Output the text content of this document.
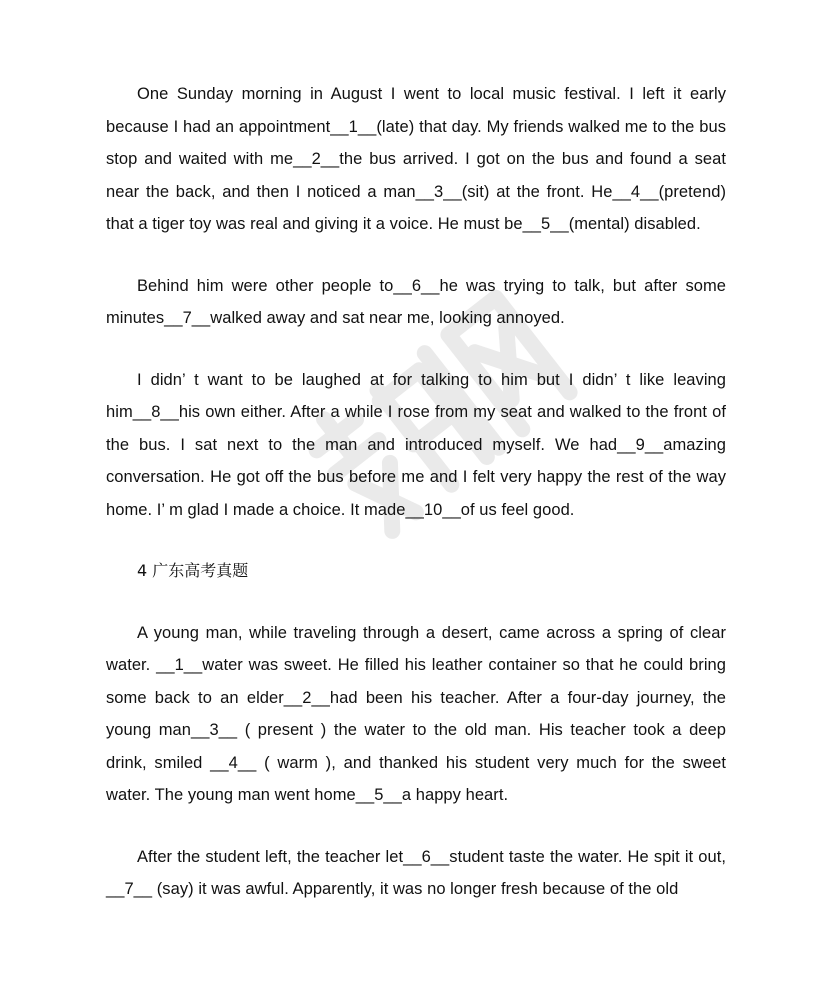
One Sunday morning in August I went to local music festival. I left it early because I had an appointment__1__(late) that day. My friends walked me to the bus stop and waited with me__2__the bus arrived. I got on the bus and found a seat near the back, and then I noticed a man__3__(sit) at the front. He__4__(pretend) that a tiger toy was real and giving it a voice. He must be__5__(mental) disabled.

Behind him were other people to__6__he was trying to talk, but after some minutes__7__walked away and sat near me, looking annoyed.

I didn’ t want to be laughed at for talking to him but I didn’ t like leaving him__8__his own either. After a while I rose from my seat and walked to the front of the bus. I sat next to the man and introduced myself. We had__9__amazing conversation. He got off the bus before me and I felt very happy the rest of the way home. I’ m glad I made a choice. It made__10__of us feel good.

4 广东高考真题

A young man, while traveling through a desert, came across a spring of clear water. __1__water was sweet. He filled his leather container so that he could bring some back to an elder__2__had been his teacher. After a four-day journey, the young man__3__ ( present ) the water to the old man. His teacher took a deep drink, smiled __4__ ( warm ), and thanked his student very much for the sweet water. The young man went home__5__a happy heart.

After the student left, the teacher let__6__student taste the water. He spit it out, __7__ (say) it was awful. Apparently, it was no longer fresh because of the old
